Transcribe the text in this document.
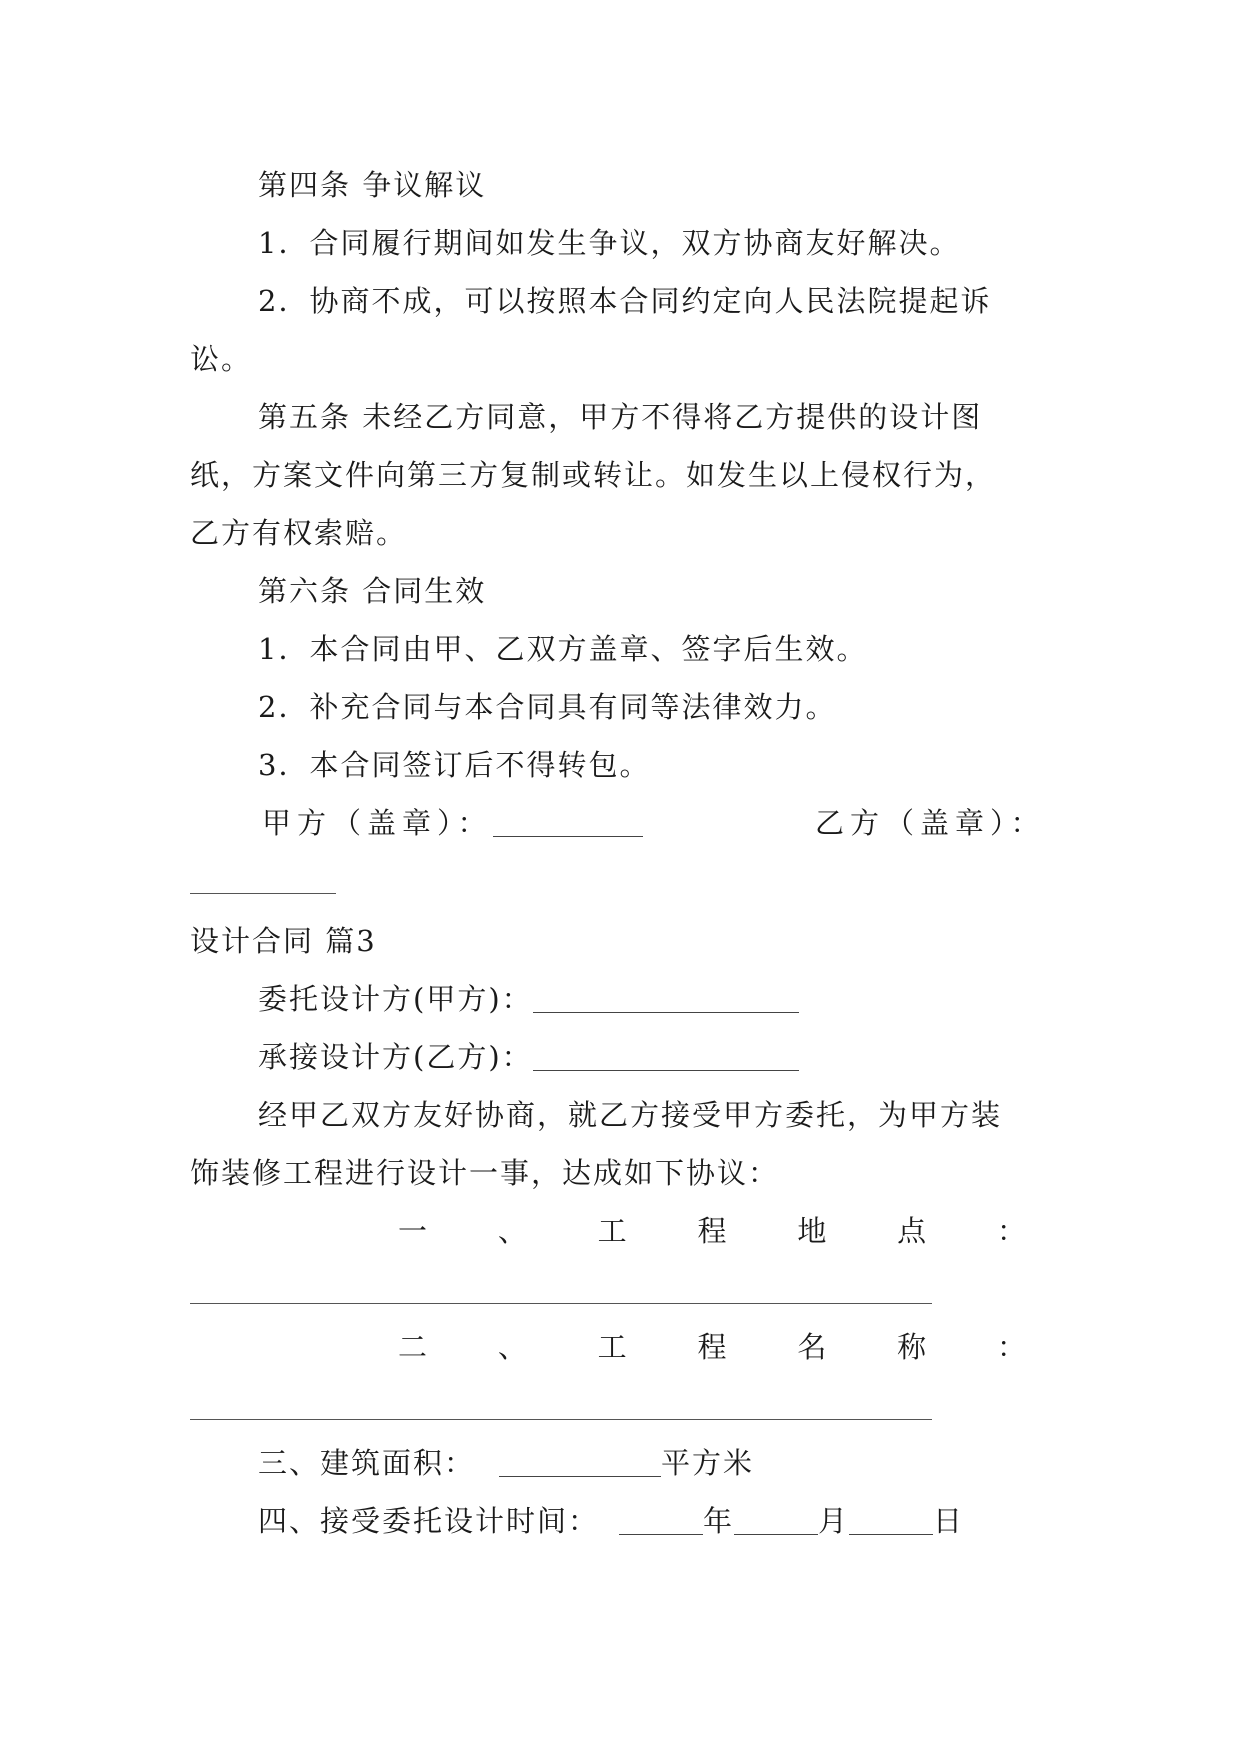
第四条 争议解议
1．合同履行期间如发生争议，双方协商友好解决。
2．协商不成，可以按照本合同约定向人民法院提起诉
讼。
第五条 未经乙方同意，甲方不得将乙方提供的设计图
纸，方案文件向第三方复制或转让。如发生以上侵权行为，
乙方有权索赔。
第六条 合同生效
1．本合同由甲、乙双方盖章、签字后生效。
2．补充合同与本合同具有同等法律效力。
3．本合同签订后不得转包。
甲方（盖章）：	乙方（盖章）：
设计合同 篇3
委托设计方(甲方)：
承接设计方(乙方)：
经甲乙双方友好协商，就乙方接受甲方委托，为甲方装
饰装修工程进行设计一事，达成如下协议：
一 、 工 程 地 点 ：
二 、 工 程 名 称 ：
三、建筑面积：	平方米
四、接受委托设计时间：	年	月	日
